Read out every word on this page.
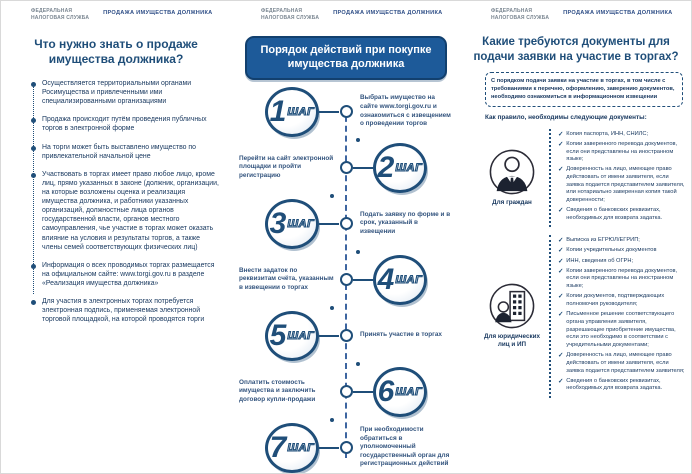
ФЕДЕРАЛЬНАЯ
НАЛОГОВАЯ СЛУЖБА
ПРОДАЖА ИМУЩЕСТВА ДОЛЖНИКА
Что нужно знать о продаже имущества должника?
Осуществляется территориальными органами Росимущества и привлеченными ими специализированными организациями
Продажа происходит путём проведения публичных торгов в электронной форме
На торги может быть выставлено имущество по привлекательной начальной цене
Участвовать в торгах имеет право любое лицо, кроме лиц, прямо указанных в законе (должник, организации, на которые возложены оценка и реализация имущества должника, и работники указанных организаций, должностные лица органов государственной власти, органов местного самоуправления, чье участие в торгах может оказать влияние на условия и результаты торгов, а также члены семей соответствующих физических лиц)
Информация о всех проводимых торгах размещается на официальном сайте: www.torgi.gov.ru в разделе «Реализация имущества должника»
Для участия в электронных торгах потребуется электронная подпись, применяемая электронной торговой площадкой, на которой проводятся торги
ФЕДЕРАЛЬНАЯ
НАЛОГОВАЯ СЛУЖБА
ПРОДАЖА ИМУЩЕСТВА ДОЛЖНИКА
Порядок действий при покупке имущества должника
1 ШАГ

Выбрать имущество на сайте www.torgi.gov.ru и ознакомиться с извещением о проведении торгов

Перейти на сайт электронной площадки и пройти регистрацию	2 ШАГ
3 ШАГ

Подать заявку по форме и в срок, указанный в извещении

Внести задаток по реквизитам счёта, указанным в извещении о торгах	4 ШАГ
5 ШАГ	Принять участие в торгах

Оплатить стоимость имущества и заключить договор купли-продажи	6 ШАГ
7 ШАГ

При необходимости обратиться в уполномоченный государственный орган для регистрационных действий

ФЕДЕРАЛЬНАЯ
НАЛОГОВАЯ СЛУЖБА
ПРОДАЖА ИМУЩЕСТВА ДОЛЖНИКА
Какие требуются документы для подачи заявки на участие в торгах?
С порядком подачи заявки на участие в торгах, в том числе с требованиями к перечню, оформлению, заверению документов, необходимо ознакомиться в информационном извещении
Как правило, необходимы следующие документы:
Для граждан
✓ Копия паспорта, ИНН, СНИЛС;
✓ Копии заверенного перевода документов, если они представлены на иностранном языке;
✓ Доверенность на лицо, имеющее право действовать от имени заявителя, если заявка подается представителем заявителя, или нотариально заверенная копия такой доверенности;
✓ Сведения о банковских реквизитах, необходимых для возврата задатка.
Для юридических лиц и ИП
✓ Выписка из ЕГРЮЛ/ЕГРИП;
✓ Копии учредительных документов
✓ ИНН, сведения об ОГРН;
✓ Копии заверенного перевода документов, если они представлены на иностранном языке;
✓ Копии документов, подтверждающих полномочия руководителя;
✓ Письменное решение соответствующего органа управления заявителя, разрешающее приобретение имущества, если это необходимо в соответствии с учредительными документами;
✓ Доверенность на лицо, имеющее право действовать от имени заявителя, если заявка подается представителем заявителя;
✓ Сведения о банковских реквизитах, необходимых для возврата задатка.
